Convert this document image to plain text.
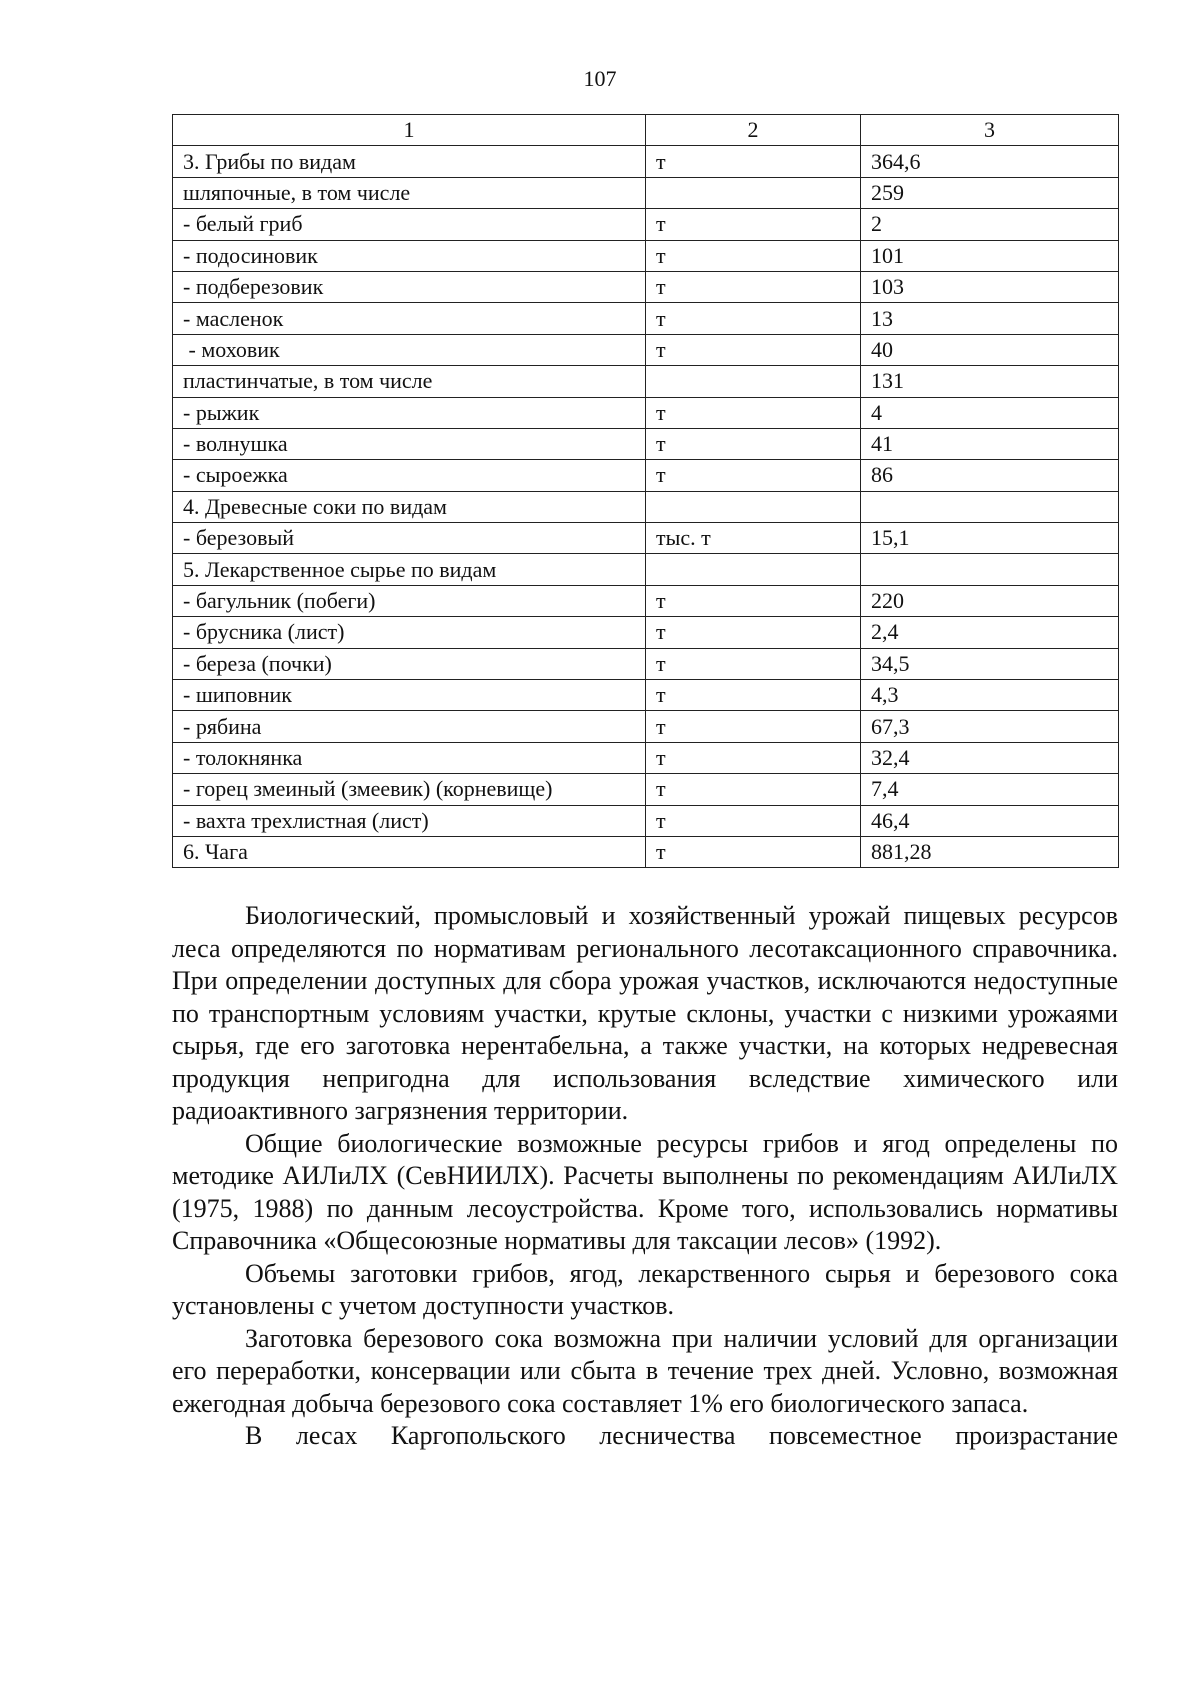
107
1	2	3
3. Грибы по видам	т	364,6
шляпочные, в том числе		259
- белый гриб	т	2
- подосиновик	т	101
- подберезовик	т	103
- масленок	т	13
- моховик	т	40
пластинчатые, в том числе		131
- рыжик	т	4
- волнушка	т	41
- сыроежка	т	86
4. Древесные соки по видам		
- березовый	тыс. т	15,1
5. Лекарственное сырье по видам		
- багульник (побеги)	т	220
- брусника (лист)	т	2,4
- береза (почки)	т	34,5
- шиповник	т	4,3
- рябина	т	67,3
- толокнянка	т	32,4
- горец змеиный (змеевик) (корневище)	т	7,4
- вахта трехлистная (лист)	т	46,4
6. Чага	т	881,28

Биологический, промысловый и хозяйственный урожай пищевых ресурсов леса определяются по нормативам регионального лесотаксационного справочника. При определении доступных для сбора урожая участков, исключаются недоступные по транспортным условиям участки, крутые склоны, участки с низкими урожаями сырья, где его заготовка нерентабельна, а также участки, на которых недревесная продукция непригодна для использования вследствие химического или радиоактивного загрязнения территории.

Общие биологические возможные ресурсы грибов и ягод определены по методике АИЛиЛХ (СевНИИЛХ). Расчеты выполнены по рекомендациям АИЛиЛХ (1975, 1988) по данным лесоустройства. Кроме того, использовались нормативы Справочника «Общесоюзные нормативы для таксации лесов» (1992).

Объемы заготовки грибов, ягод, лекарственного сырья и березового сока установлены с учетом доступности участков.

Заготовка березового сока возможна при наличии условий для организации его переработки, консервации или сбыта в течение трех дней. Условно, возможная ежегодная добыча березового сока составляет 1% его биологического запаса.

В лесах Каргопольского лесничества повсеместное произрастание
